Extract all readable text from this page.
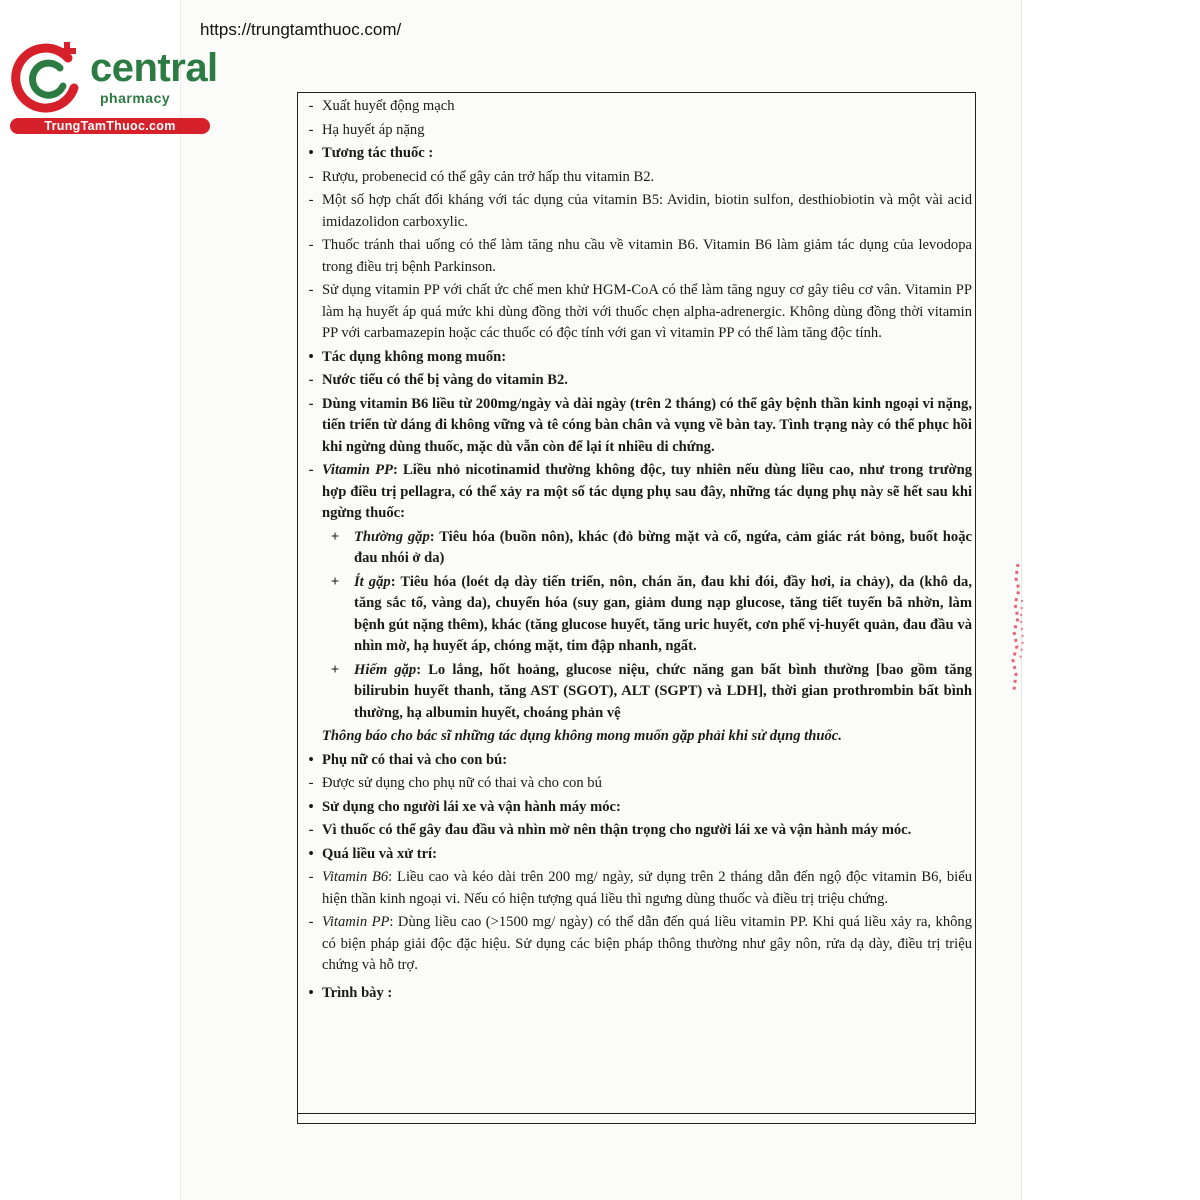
https://trungtamthuoc.com/
central
pharmacy
TrungTamThuoc.com
- Xuất huyết động mạch
- Hạ huyết áp nặng
• Tương tác thuốc :
- Rượu, probenecid có thể gây cản trở hấp thu vitamin B2.
- Một số hợp chất đối kháng với tác dụng của vitamin B5: Avidin, biotin sulfon, desthiobiotin và một vài acid imidazolidon carboxylic.
- Thuốc tránh thai uống có thể làm tăng nhu cầu về vitamin B6. Vitamin B6 làm giảm tác dụng của levodopa trong điều trị bệnh Parkinson.
- Sử dụng vitamin PP với chất ức chế men khử HGM-CoA có thể làm tăng nguy cơ gây tiêu cơ vân. Vitamin PP làm hạ huyết áp quá mức khi dùng đồng thời với thuốc chẹn alpha-adrenergic. Không dùng đồng thời vitamin PP với carbamazepin hoặc các thuốc có độc tính với gan vì vitamin PP có thể làm tăng độc tính.
• Tác dụng không mong muốn:
- Nước tiểu có thể bị vàng do vitamin B2.
- Dùng vitamin B6 liều từ 200mg/ngày và dài ngày (trên 2 tháng) có thể gây bệnh thần kinh ngoại vi nặng, tiến triển từ dáng đi không vững và tê cóng bàn chân và vụng về bàn tay. Tình trạng này có thể phục hồi khi ngừng dùng thuốc, mặc dù vẫn còn để lại ít nhiều di chứng.
- Vitamin PP: Liều nhỏ nicotinamid thường không độc, tuy nhiên nếu dùng liều cao, như trong trường hợp điều trị pellagra, có thể xảy ra một số tác dụng phụ sau đây, những tác dụng phụ này sẽ hết sau khi ngừng thuốc:
+ Thường gặp: Tiêu hóa (buồn nôn), khác (đỏ bừng mặt và cổ, ngứa, cảm giác rát bỏng, buốt hoặc đau nhói ở da)
+ Ít gặp: Tiêu hóa (loét dạ dày tiến triển, nôn, chán ăn, đau khi đói, đầy hơi, ỉa chảy), da (khô da, tăng sắc tố, vàng da), chuyển hóa (suy gan, giảm dung nạp glucose, tăng tiết tuyến bã nhờn, làm bệnh gút nặng thêm), khác (tăng glucose huyết, tăng uric huyết, cơn phế vị-huyết quản, đau đầu và nhìn mờ, hạ huyết áp, chóng mặt, tim đập nhanh, ngất.
+ Hiếm gặp: Lo lắng, hốt hoảng, glucose niệu, chức năng gan bất bình thường [bao gồm tăng bilirubin huyết thanh, tăng AST (SGOT), ALT (SGPT) và LDH], thời gian prothrombin bất bình thường, hạ albumin huyết, choáng phản vệ
Thông báo cho bác sĩ những tác dụng không mong muốn gặp phải khi sử dụng thuốc.
• Phụ nữ có thai và cho con bú:
- Được sử dụng cho phụ nữ có thai và cho con bú
• Sử dụng cho người lái xe và vận hành máy móc:
- Vì thuốc có thể gây đau đầu và nhìn mờ nên thận trọng cho người lái xe và vận hành máy móc.
• Quá liều và xử trí:
- Vitamin B6: Liều cao và kéo dài trên 200 mg/ ngày, sử dụng trên 2 tháng dẫn đến ngộ độc vitamin B6, biểu hiện thần kinh ngoại vi. Nếu có hiện tượng quá liều thì ngưng dùng thuốc và điều trị triệu chứng.
- Vitamin PP: Dùng liều cao (>1500 mg/ ngày) có thể dẫn đến quá liều vitamin PP. Khi quá liều xảy ra, không có biện pháp giải độc đặc hiệu. Sử dụng các biện pháp thông thường như gây nôn, rửa dạ dày, điều trị triệu chứng và hỗ trợ.
• Trình bày :
